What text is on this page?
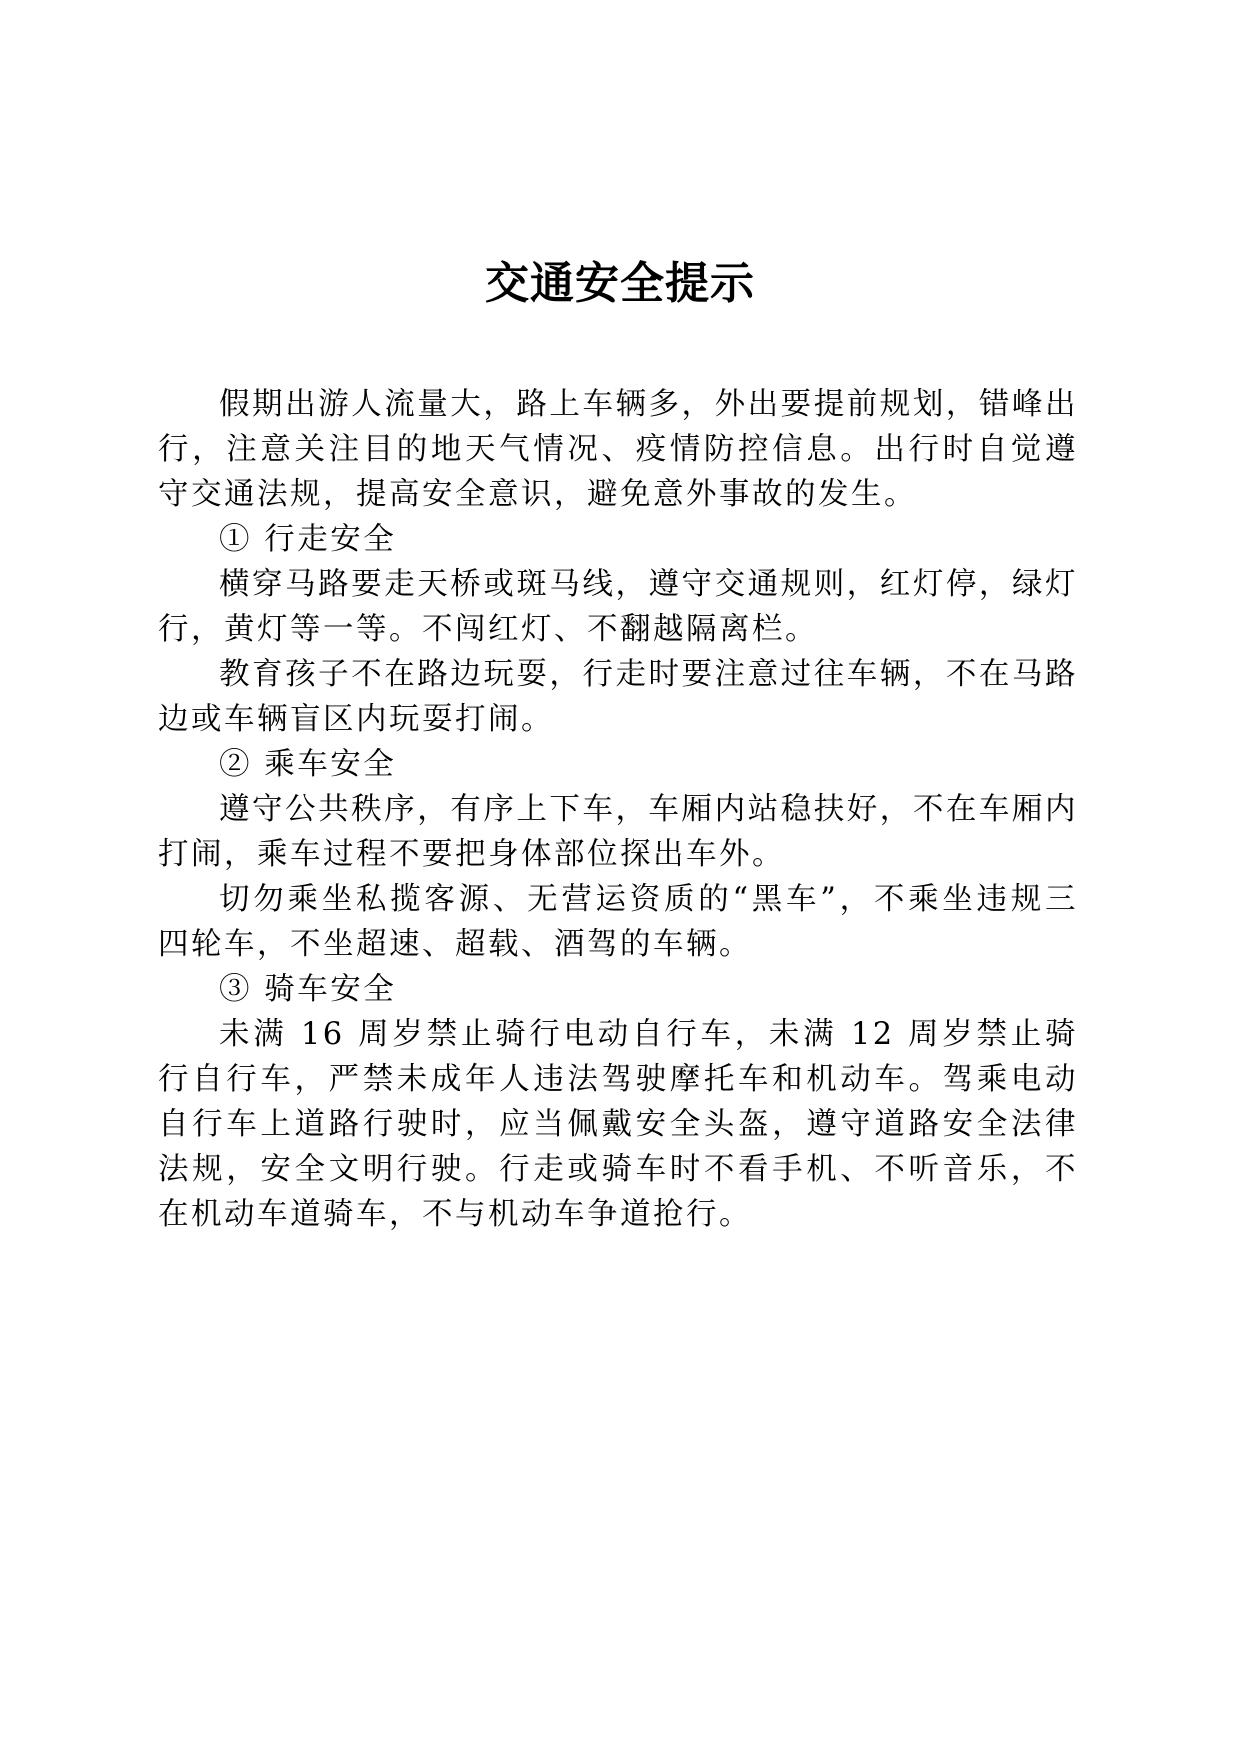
交通安全提示

假期出游人流量大，路上车辆多，外出要提前规划，错峰出行，注意关注目的地天气情况、疫情防控信息。出行时自觉遵守交通法规，提高安全意识，避免意外事故的发生。

① 行走安全

横穿马路要走天桥或斑马线，遵守交通规则，红灯停，绿灯行，黄灯等一等。不闯红灯、不翻越隔离栏。

教育孩子不在路边玩耍，行走时要注意过往车辆，不在马路边或车辆盲区内玩耍打闹。

② 乘车安全

遵守公共秩序，有序上下车，车厢内站稳扶好，不在车厢内打闹，乘车过程不要把身体部位探出车外。

切勿乘坐私揽客源、无营运资质的“黑车”，不乘坐违规三四轮车，不坐超速、超载、酒驾的车辆。

③ 骑车安全

未满 16 周岁禁止骑行电动自行车，未满 12 周岁禁止骑行自行车，严禁未成年人违法驾驶摩托车和机动车。驾乘电动自行车上道路行驶时，应当佩戴安全头盔，遵守道路安全法律法规，安全文明行驶。行走或骑车时不看手机、不听音乐，不在机动车道骑车，不与机动车争道抢行。
